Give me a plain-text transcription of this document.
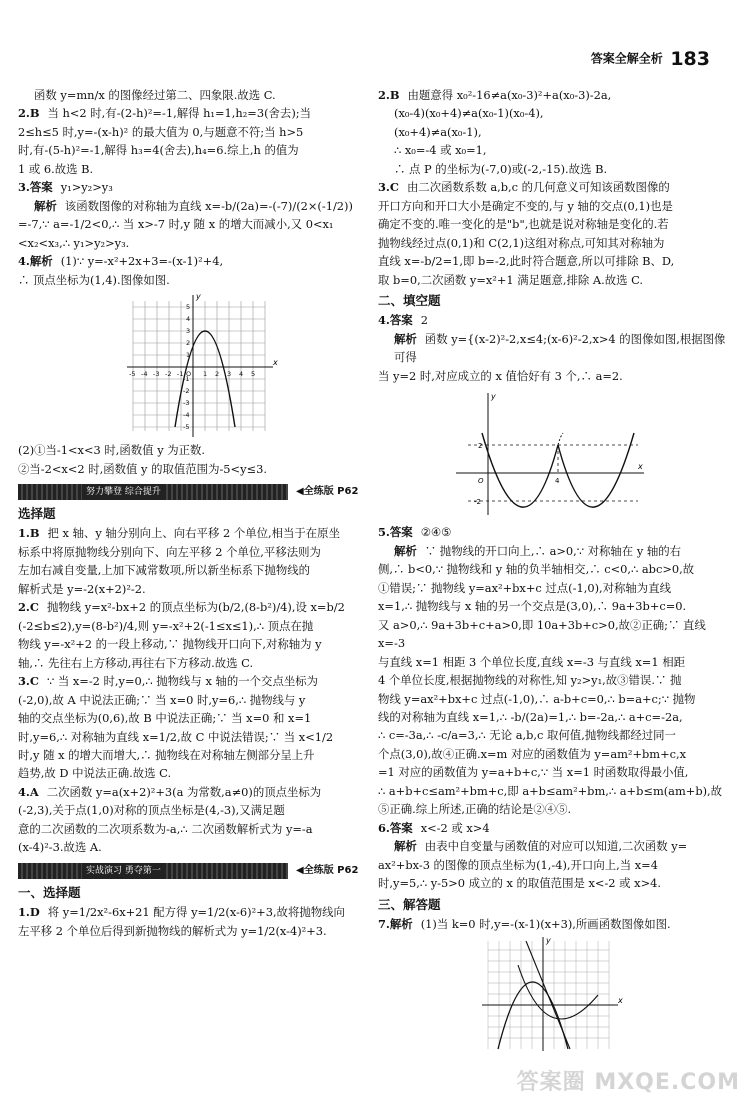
答案全解全析 183

函数 y=mn/x 的图像经过第二、四象限.故选 C.

2.B 当 h<2 时,有-(2-h)²=-1,解得 h₁=1,h₂=3(舍去);当

2≤h≤5 时,y=-(x-h)² 的最大值为 0,与题意不符;当 h>5

时,有-(5-h)²=-1,解得 h₃=4(舍去),h₄=6.综上,h 的值为

1 或 6.故选 B.

3.答案 y₁>y₂>y₃

解析 该函数图像的对称轴为直线 x=-b/(2a)=-(-7)/(2×(-1/2))

=-7,∵ a=-1/2<0,∴ 当 x>-7 时,y 随 x 的增大而减小,又 0<x₁

<x₂<x₃,∴ y₁>y₂>y₃.

4.解析 (1)∵ y=-x²+2x+3=-(x-1)²+4,

∴ 顶点坐标为(1,4).图像如图.

x
y
-5 -4 -3 -2 -1 O 1 2 3 4 5
5
4
3
2
1
-1
-2
-3
-4
-5

(2)①当-1<x<3 时,函数值 y 为正数.

②当-2<x<2 时,函数值 y 的取值范围为-5<y≤3.

努力攀登 综合提升	◀全练版 P62

选择题

1.B 把 x 轴、y 轴分别向上、向右平移 2 个单位,相当于在原坐

标系中将原抛物线分别向下、向左平移 2 个单位,平移法则为

左加右减自变量,上加下减常数项,所以新坐标系下抛物线的

解析式是 y=-2(x+2)²-2.

2.C 抛物线 y=x²-bx+2 的顶点坐标为(b/2,(8-b²)/4),设 x=b/2

(-2≤b≤2),y=(8-b²)/4,则 y=-x²+2(-1≤x≤1),∴ 顶点在抛

物线 y=-x²+2 的一段上移动,∵ 抛物线开口向下,对称轴为 y

轴,∴ 先往右上方移动,再往右下方移动.故选 C.

3.C ∵ 当 x=-2 时,y=0,∴ 抛物线与 x 轴的一个交点坐标为

(-2,0),故 A 中说法正确;∵ 当 x=0 时,y=6,∴ 抛物线与 y

轴的交点坐标为(0,6),故 B 中说法正确;∵ 当 x=0 和 x=1

时,y=6,∴ 对称轴为直线 x=1/2,故 C 中说法错误;∵ 当 x<1/2

时,y 随 x 的增大而增大,∴ 抛物线在对称轴左侧部分呈上升

趋势,故 D 中说法正确.故选 C.

4.A 二次函数 y=a(x+2)²+3(a 为常数,a≠0)的顶点坐标为

(-2,3),关于点(1,0)对称的顶点坐标是(4,-3),又满足题

意的二次函数的二次项系数为-a,∴ 二次函数解析式为 y=-a

(x-4)²-3.故选 A.

实战演习 勇夺第一	◀全练版 P62

一、选择题

1.D 将 y=1/2x²-6x+21 配方得 y=1/2(x-6)²+3,故将抛物线向

左平移 2 个单位后得到新抛物线的解析式为 y=1/2(x-4)²+3.

2.B 由题意得 x₀²-16≠a(x₀-3)²+a(x₀-3)-2a,

(x₀-4)(x₀+4)≠a(x₀-1)(x₀-4),

(x₀+4)≠a(x₀-1),

∴ x₀=-4 或 x₀=1,

∴ 点 P 的坐标为(-7,0)或(-2,-15).故选 B.

3.C 由二次函数系数 a,b,c 的几何意义可知该函数图像的

开口方向和开口大小是确定不变的,与 y 轴的交点(0,1)也是

确定不变的.唯一变化的是"b",也就是说对称轴是变化的.若

抛物线经过点(0,1)和 C(2,1)这组对称点,可知其对称轴为

直线 x=-b/2=1,即 b=-2,此时符合题意,所以可排除 B、D,

取 b=0,二次函数 y=x²+1 满足题意,排除 A.故选 C.

二、填空题

4.答案 2

解析 函数 y={(x-2)²-2,x≤4;(x-6)²-2,x>4 的图像如图,根据图像可得

当 y=2 时,对应成立的 x 值恰好有 3 个,∴ a=2.

x
y
O	4
2
-2

5.答案 ②④⑤

解析 ∵ 抛物线的开口向上,∴ a>0,∵ 对称轴在 y 轴的右

侧,∴ b<0,∵ 抛物线和 y 轴的负半轴相交,∴ c<0,∴ abc>0,故

①错误;∵ 抛物线 y=ax²+bx+c 过点(-1,0),对称轴为直线

x=1,∴ 抛物线与 x 轴的另一个交点是(3,0),∴ 9a+3b+c=0.

又 a>0,∴ 9a+3b+c+a>0,即 10a+3b+c>0,故②正确;∵ 直线 x=-3

与直线 x=1 相距 3 个单位长度,直线 x=-3 与直线 x=1 相距

4 个单位长度,根据抛物线的对称性,知 y₂>y₁,故③错误.∵ 抛

物线 y=ax²+bx+c 过点(-1,0),∴ a-b+c=0,∴ b=a+c;∵ 抛物

线的对称轴为直线 x=1,∴ -b/(2a)=1,∴ b=-2a,∴ a+c=-2a,

∴ c=-3a,∴ -c/a=3,∴ 无论 a,b,c 取何值,抛物线都经过同一

个点(3,0),故④正确.x=m 对应的函数值为 y=am²+bm+c,x

=1 对应的函数值为 y=a+b+c,∵ 当 x=1 时函数取得最小值,

∴ a+b+c≤am²+bm+c,即 a+b≤am²+bm,∴ a+b≤m(am+b),故⑤正确.综上所述,正确的结论是②④⑤.

6.答案 x<-2 或 x>4

解析 由表中自变量与函数值的对应可以知道,二次函数 y=

ax²+bx-3 的图像的顶点坐标为(1,-4),开口向上,当 x=4

时,y=5,∴ y-5>0 成立的 x 的取值范围是 x<-2 或 x>4.

三、解答题

7.解析 (1)当 k=0 时,y=-(x-1)(x+3),所画函数图像如图.

x
y
答案圈 MXQE.COM
